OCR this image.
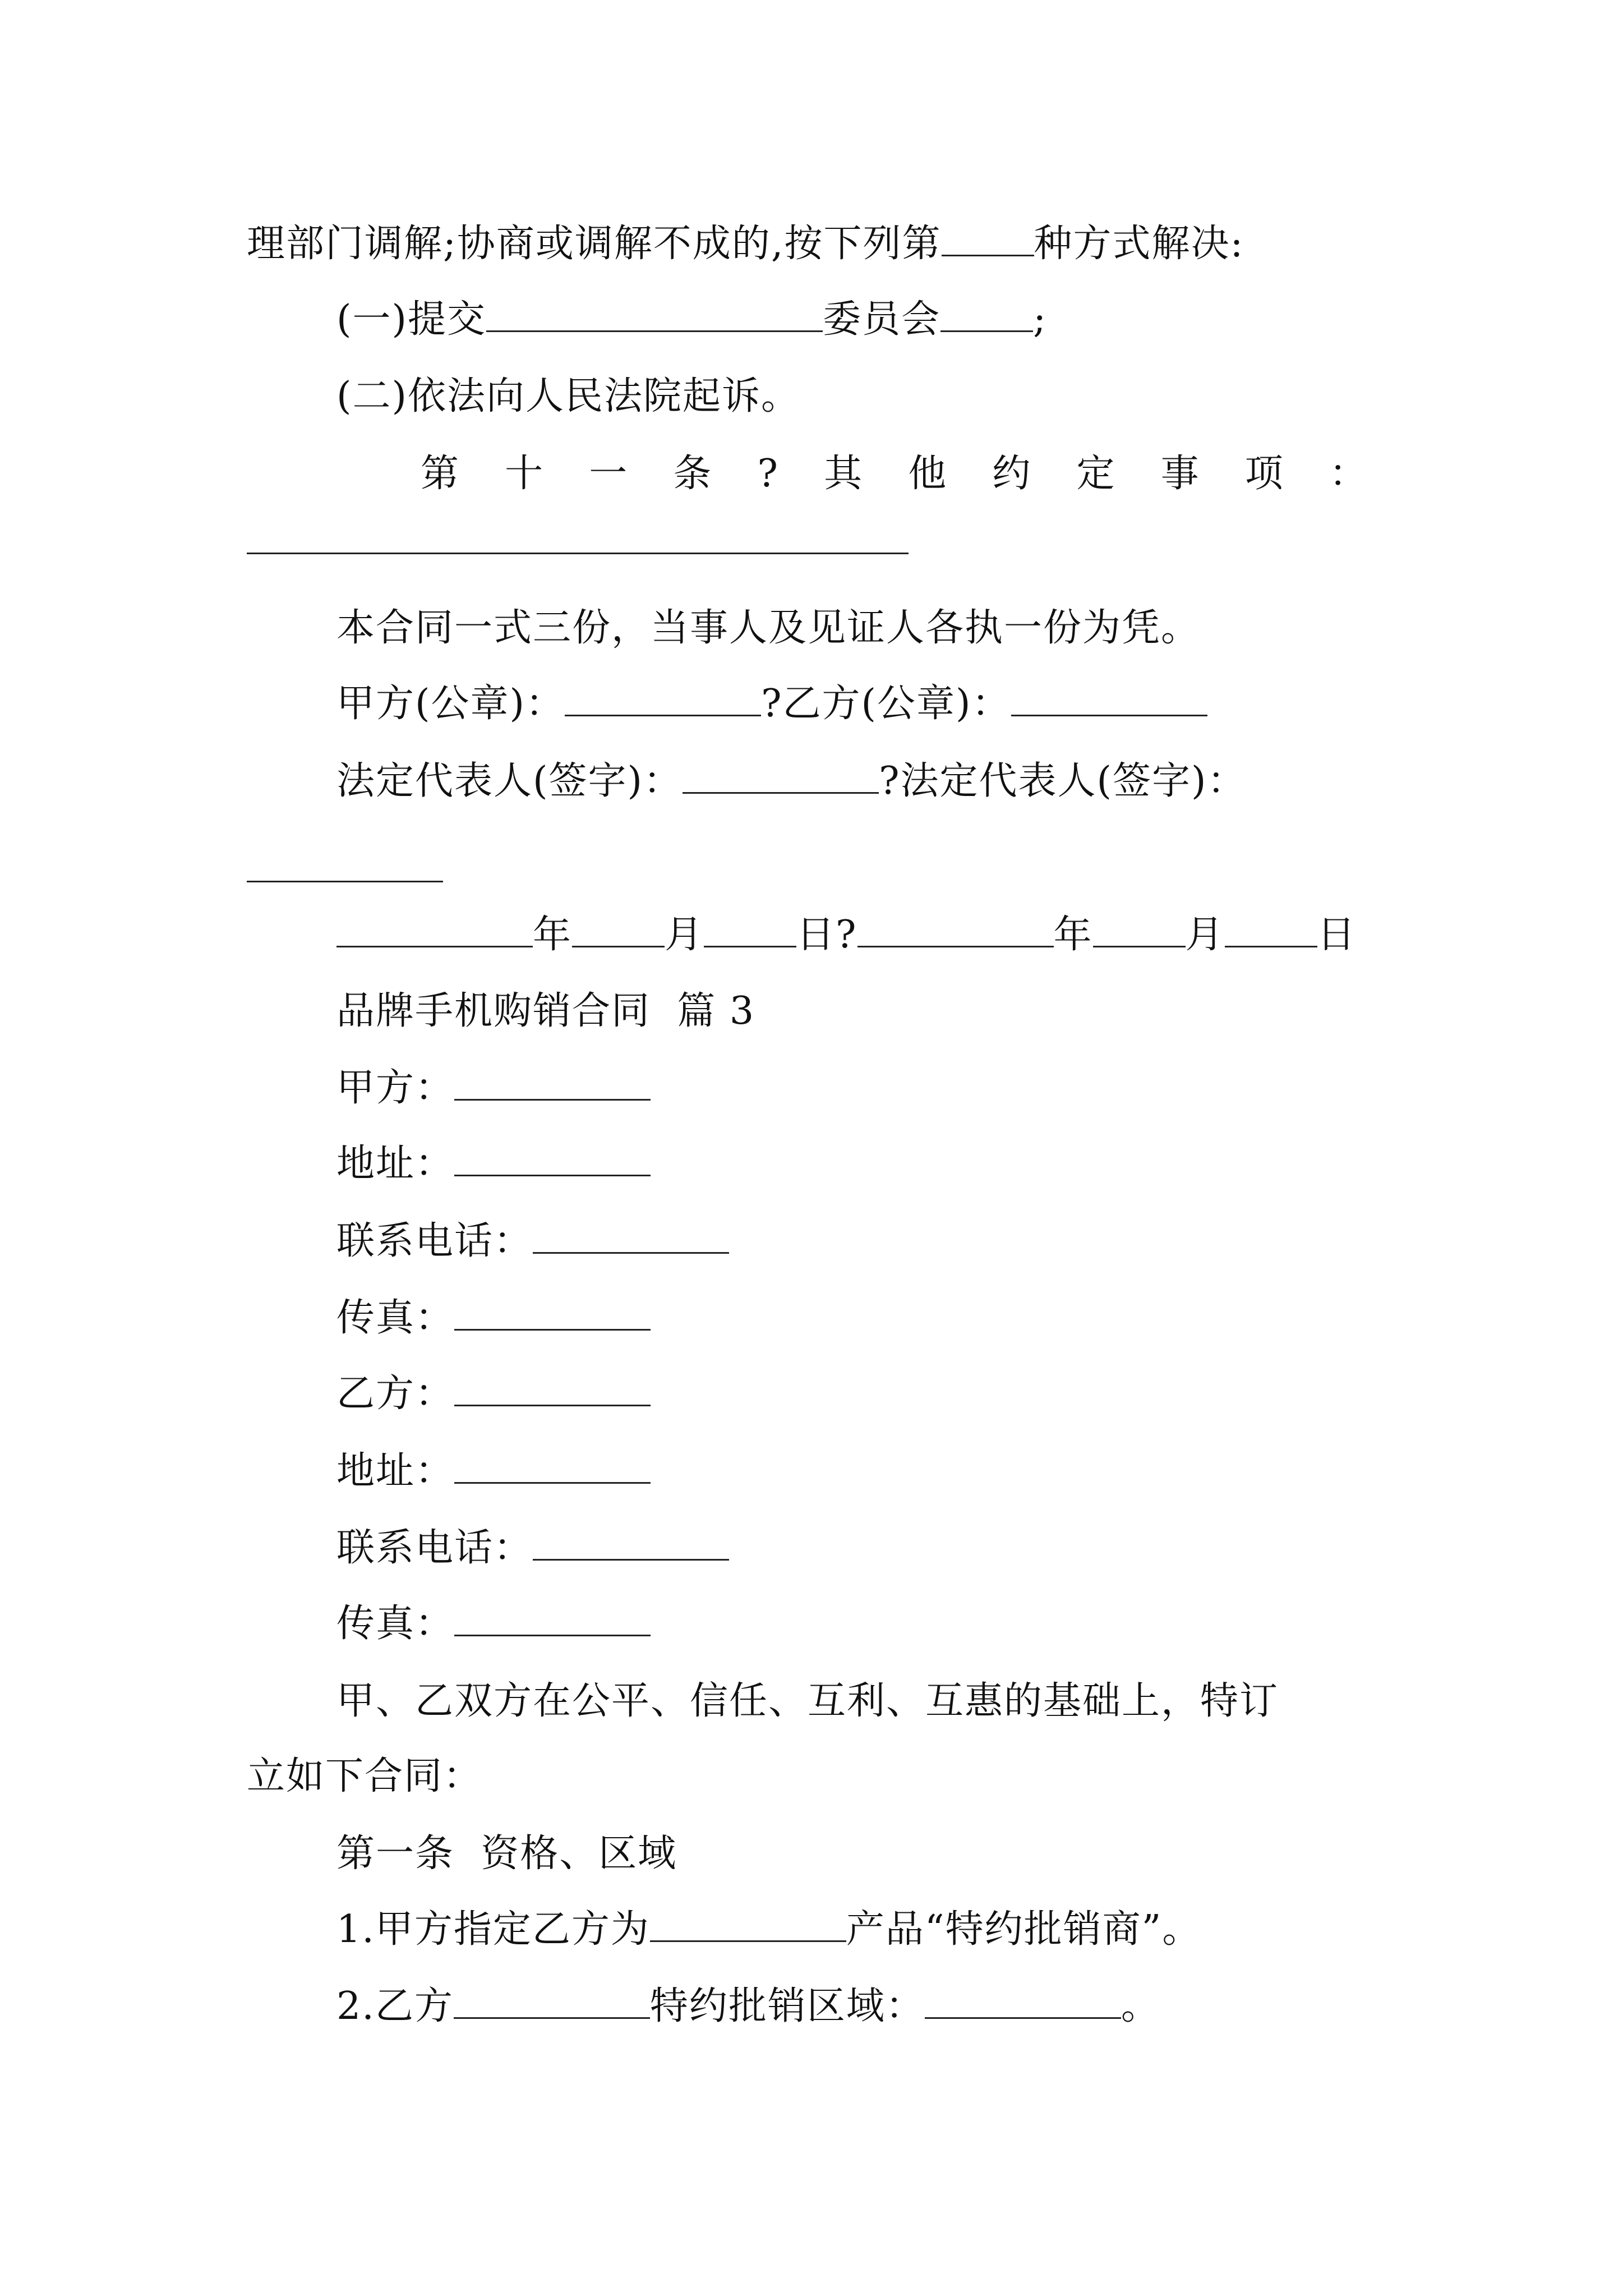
理部门调解;协商或调解不成的,按下列第 种方式解决:
(一)提交	委员会 ;
(二)依法向人民法院起诉。
第 十 一 条 ? 其 他 约 定 事 项 ：
本合同一式三份，当事人及见证人各执一份为凭。
甲方(公章)：	?乙方(公章)：
法定代表人(签字)：	?法定代表人(签字)：
年 月 日?	年 月 日
品牌手机购销合同  篇 3
甲方：
地址：
联系电话：
传真：
乙方：
地址：
联系电话：
传真：
甲、乙双方在公平、信任、互利、互惠的基础上，特订
立如下合同：
第一条  资格、区域
1.甲方指定乙方为	产品“特约批销商”。
2.乙方	特约批销区域：	。
